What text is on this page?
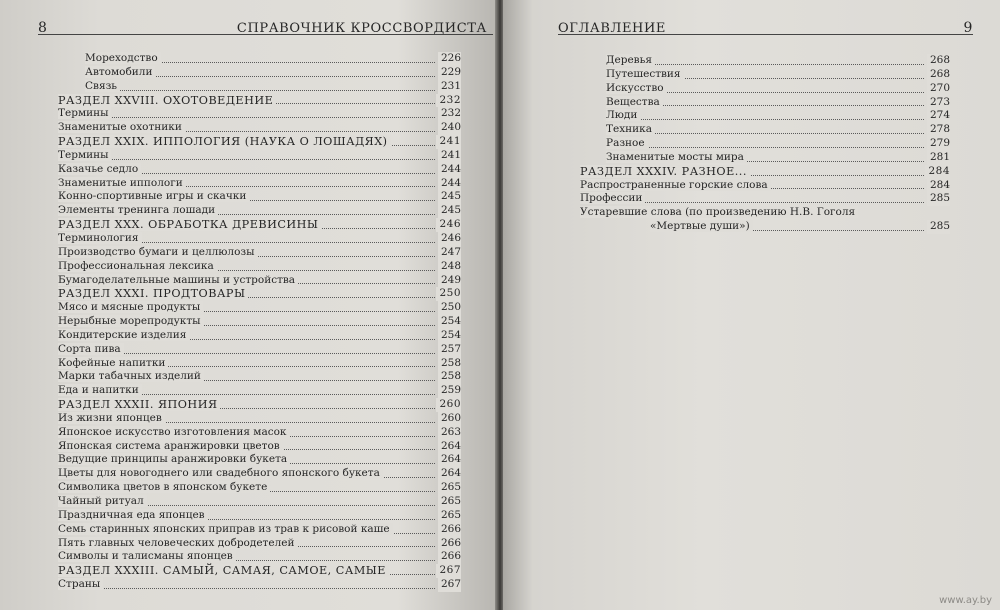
8	СПРАВОЧНИК КРОССВОРДИСТА
Мореходство	226
Автомобили	229
Связь	231
РАЗДЕЛ XXVIII. ОХОТОВЕДЕНИЕ	232
Термины	232
Знаменитые охотники	240
РАЗДЕЛ XXIX. ИППОЛОГИЯ (НАУКА О ЛОШАДЯХ)	241
Термины	241
Казачье седло	244
Знаменитые иппологи	244
Конно-спортивные игры и скачки	245
Элементы тренинга лошади	245
РАЗДЕЛ XXX. ОБРАБОТКА ДРЕВИСИНЫ	246
Терминология	246
Производство бумаги и целлюлозы	247
Профессиональная лексика	248
Бумагоделательные машины и устройства	249
РАЗДЕЛ XXXI. ПРОДТОВАРЫ	250
Мясо и мясные продукты	250
Нерыбные морепродукты	254
Кондитерские изделия	254
Сорта пива	257
Кофейные напитки	258
Марки табачных изделий	258
Еда и напитки	259
РАЗДЕЛ XXXII. ЯПОНИЯ	260
Из жизни японцев	260
Японское искусство изготовления масок	263
Японская система аранжировки цветов	264
Ведущие принципы аранжировки букета	264
Цветы для новогоднего или свадебного японского букета	264
Символика цветов в японском букете	265
Чайный ритуал	265
Праздничная еда японцев	265
Семь старинных японских приправ из трав к рисовой каше	266
Пять главных человеческих добродетелей	266
Символы и талисманы японцев	266
РАЗДЕЛ XXXIII. САМЫЙ, САМАЯ, САМОЕ, САМЫЕ	267
Страны	267
ОГЛАВЛЕНИЕ	9
Деревья	268
Путешествия	268
Искусство	270
Вещества	273
Люди	274
Техника	278
Разное	279
Знаменитые мосты мира	281
РАЗДЕЛ XXXIV. РАЗНОЕ...	284
Распространенные горские слова	284
Профессии	285
Устаревшие слова (по произведению Н.В. Гоголя
«Мертвые души»)	285
www.ay.by
